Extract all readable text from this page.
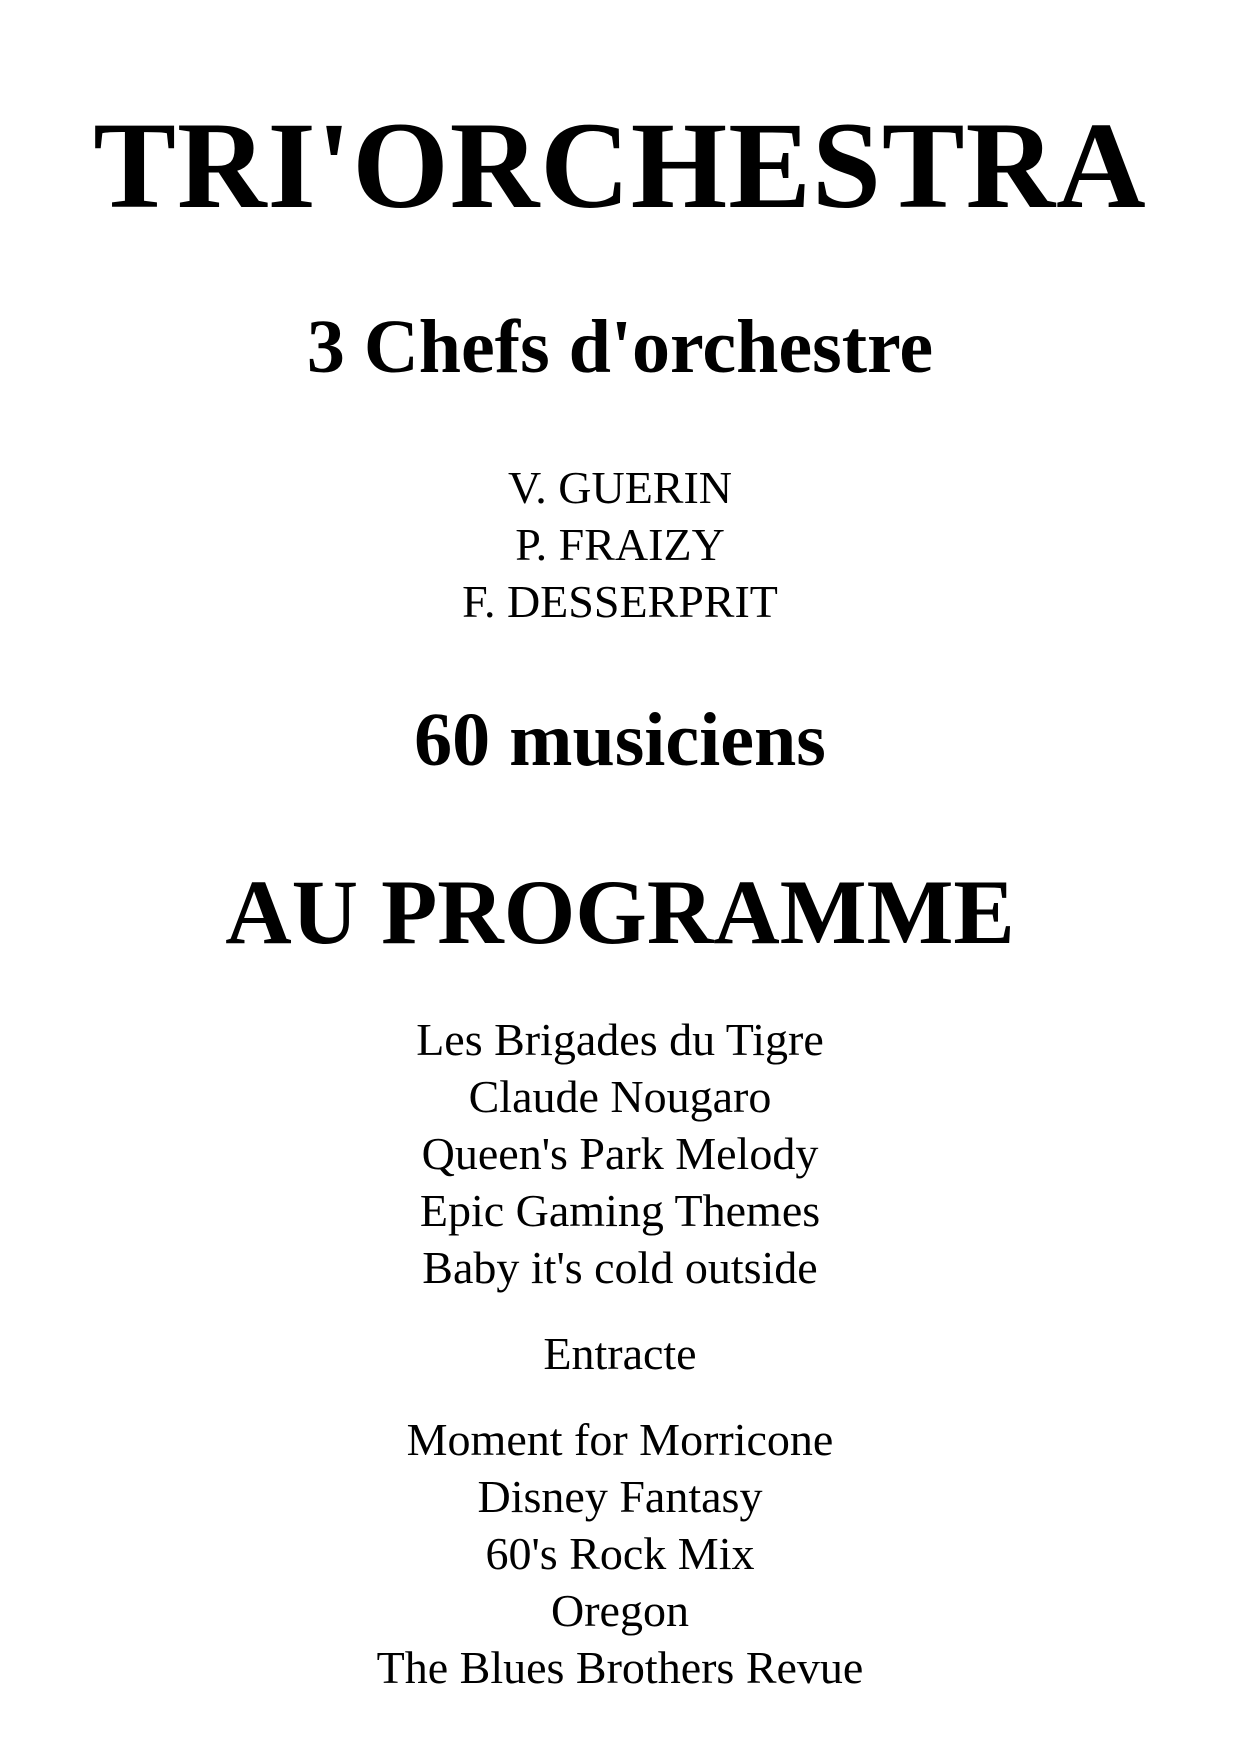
TRI'ORCHESTRA
3 Chefs d'orchestre
V. GUERIN
P. FRAIZY
F. DESSERPRIT
60 musiciens
AU PROGRAMME
Les Brigades du Tigre
Claude Nougaro
Queen's Park Melody
Epic Gaming Themes
Baby it's cold outside
Entracte
Moment for Morricone
Disney Fantasy
60's Rock Mix
Oregon
The Blues Brothers Revue
